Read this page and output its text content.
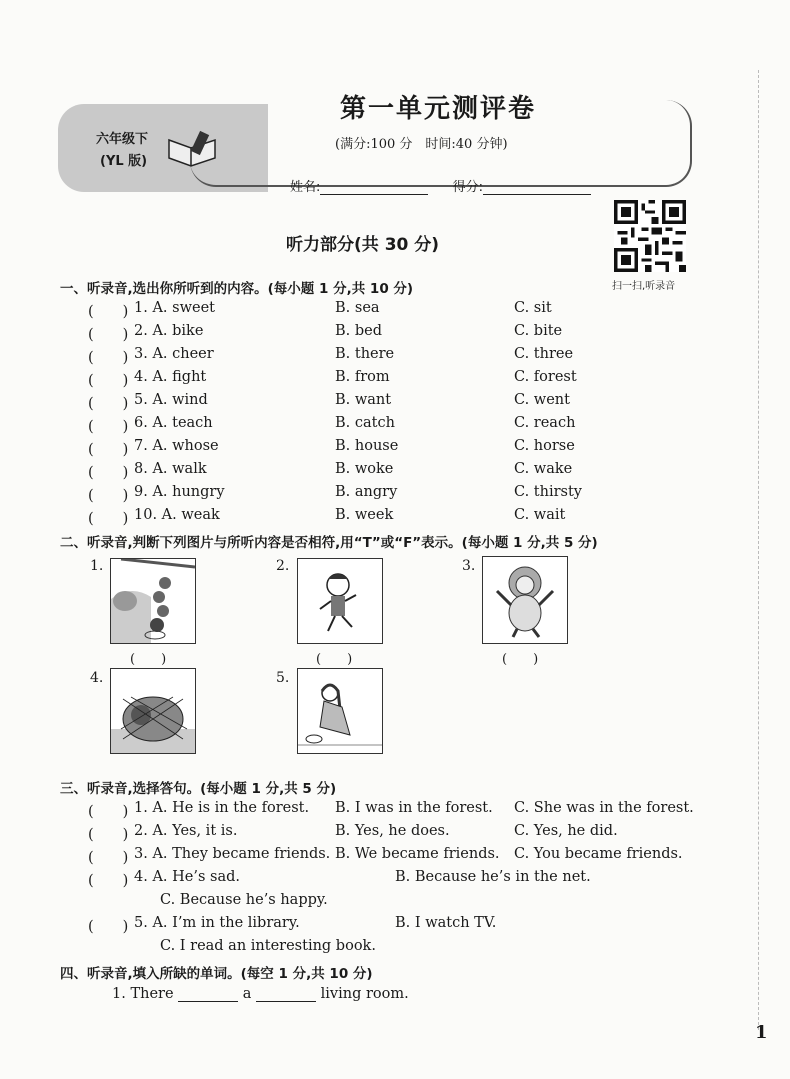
六年级下
(YL 版)
第一单元测评卷
(满分:100 分　时间:40 分钟)
姓名:	得分:
扫一扫,听录音
听力部分(共 30 分)
一、听录音,选出你所听到的内容。(每小题 1 分,共 10 分)
(　　) 1. A. sweet	B. sea	C. sit
(　　) 2. A. bike	B. bed	C. bite
(　　) 3. A. cheer	B. there	C. three
(　　) 4. A. fight	B. from	C. forest
(　　) 5. A. wind	B. want	C. went
(　　) 6. A. teach	B. catch	C. reach
(　　) 7. A. whose	B. house	C. horse
(　　) 8. A. walk	B. woke	C. wake
(　　) 9. A. hungry	B. angry	C. thirsty
(　　) 10. A. weak	B. week	C. wait
二、听录音,判断下列图片与所听内容是否相符,用“T”或“F”表示。(每小题 1 分,共 5 分)
1.
(　　)
2.
(　　)
3.
(　　)
4.	5.
三、听录音,选择答句。(每小题 1 分,共 5 分)
(　　) 1. A. He is in the forest. B. I was in the forest. C. She was in the forest.
(　　) 2. A. Yes, it is.	B. Yes, he does.	C. Yes, he did.
(　　) 3. A. They became friends. B. We became friends. C. You became friends.
(　　) 4. A. He’s sad.	B. Because he’s in the net.
C. Because he’s happy.
(　　) 5. A. I’m in the library.	B. I watch TV.
C. I read an interesting book.
四、听录音,填入所缺的单词。(每空 1 分,共 10 分)
1. There	a	living room.
1
